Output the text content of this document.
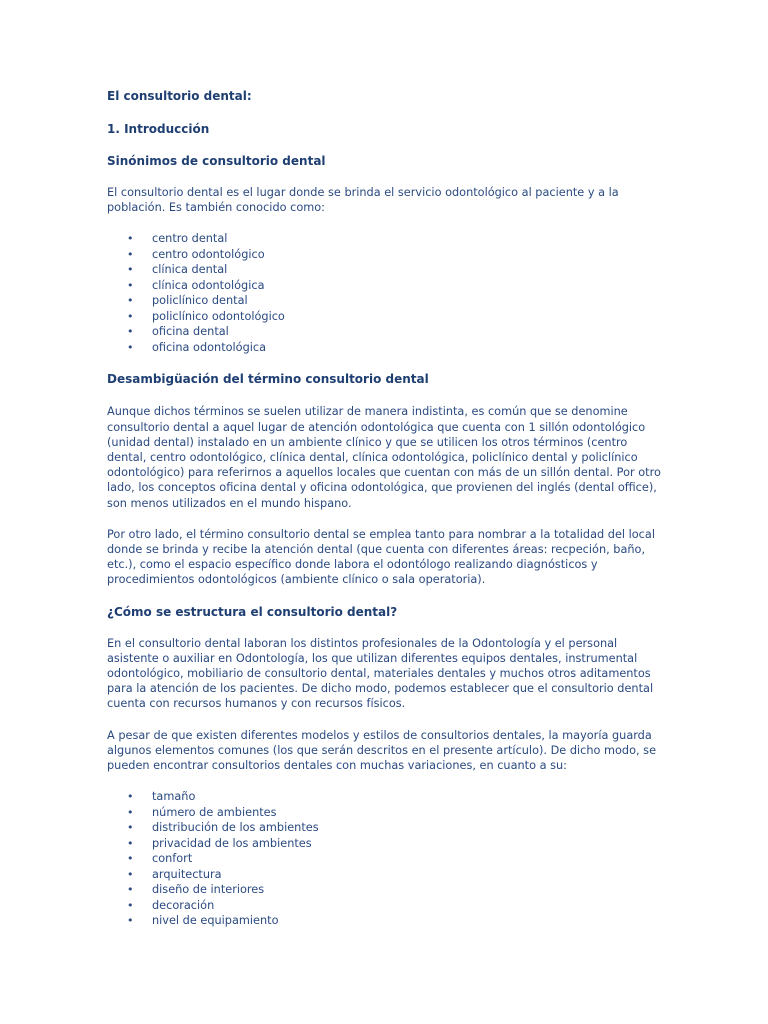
El consultorio dental:

1. Introducción

Sinónimos de consultorio dental

El consultorio dental es el lugar donde se brinda el servicio odontológico al paciente y a la población. Es también conocido como:

• centro dental
• centro odontológico
• clínica dental
• clínica odontológica
• policlínico dental
• policlínico odontológico
• oficina dental
• oficina odontológica

Desambigüación del término consultorio dental

Aunque dichos términos se suelen utilizar de manera indistinta, es común que se denomine consultorio dental a aquel lugar de atención odontológica que cuenta con 1 sillón odontológico (unidad dental) instalado en un ambiente clínico y que se utilicen los otros términos (centro dental, centro odontológico, clínica dental, clínica odontológica, policlínico dental y policlínico odontológico) para referirnos a aquellos locales que cuentan con más de un sillón dental. Por otro lado, los conceptos oficina dental y oficina odontológica, que provienen del inglés (dental office), son menos utilizados en el mundo hispano.

Por otro lado, el término consultorio dental se emplea tanto para nombrar a la totalidad del local donde se brinda y recibe la atención dental (que cuenta con diferentes áreas: recpeción, baño, etc.), como el espacio específico donde labora el odontólogo realizando diagnósticos y procedimientos odontológicos (ambiente clínico o sala operatoria).

¿Cómo se estructura el consultorio dental?

En el consultorio dental laboran los distintos profesionales de la Odontología y el personal asistente o auxiliar en Odontología, los que utilizan diferentes equipos dentales, instrumental odontológico, mobiliario de consultorio dental, materiales dentales y muchos otros aditamentos para la atención de los pacientes. De dicho modo, podemos establecer que el consultorio dental cuenta con recursos humanos y con recursos físicos.

A pesar de que existen diferentes modelos y estilos de consultorios dentales, la mayoría guarda algunos elementos comunes (los que serán descritos en el presente artículo). De dicho modo, se pueden encontrar consultorios dentales con muchas variaciones, en cuanto a su:

• tamaño
• número de ambientes
• distribución de los ambientes
• privacidad de los ambientes
• confort
• arquitectura
• diseño de interiores
• decoración
• nivel de equipamiento
